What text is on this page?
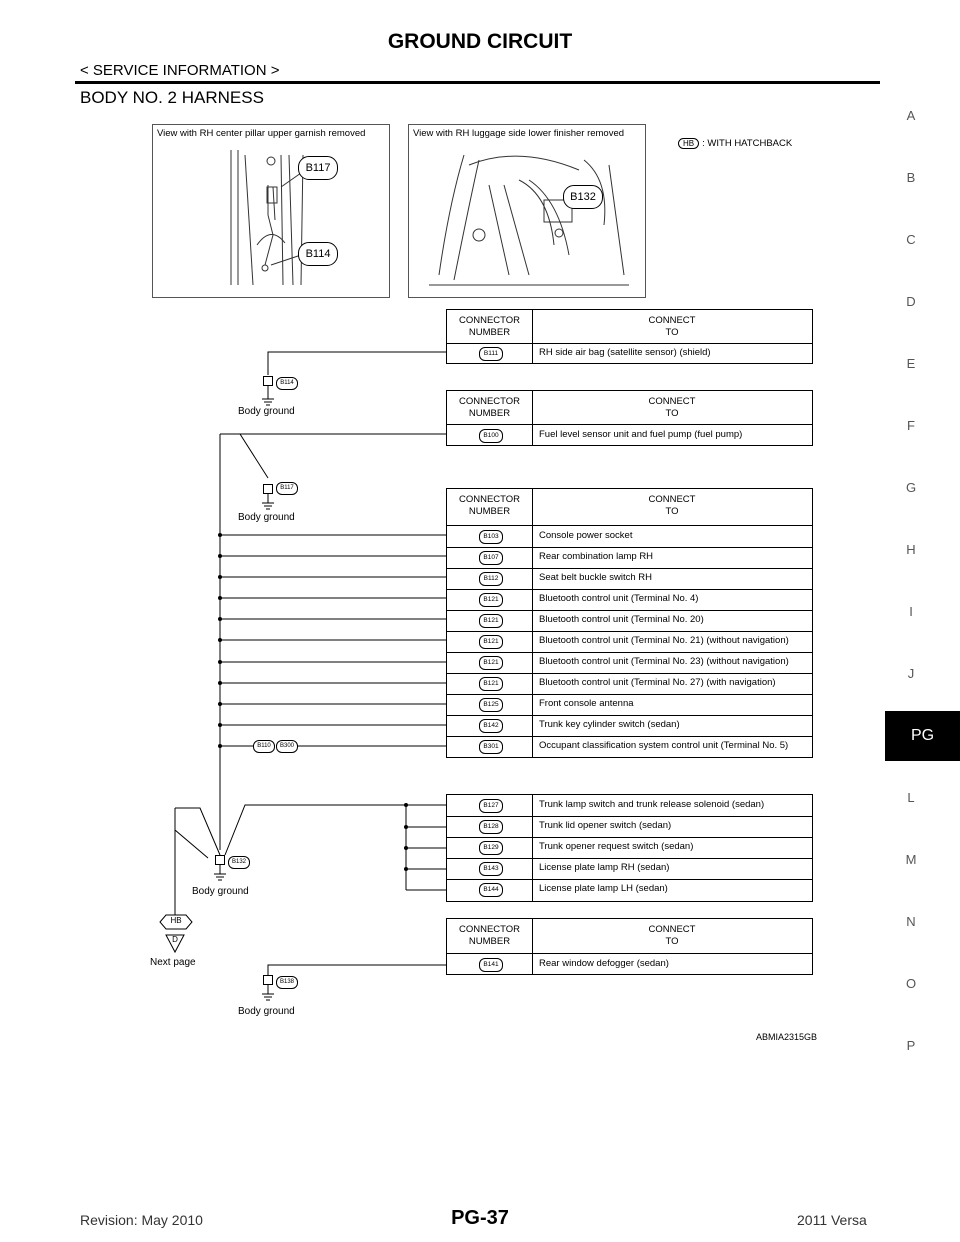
GROUND CIRCUIT
< SERVICE INFORMATION >
BODY NO. 2 HARNESS
A
B
C
D
E
F
G
H
I
J
L
M
N
O
P
PG
View with RH center pillar upper garnish removed
B117
B114
View with RH luggage side lower finisher removed
B132
HB : WITH HATCHBACK
B114
Body ground
B117
Body ground
B132
Body ground
B138
Body ground
B110	B300
HB
D
Next page
CONNECTOR
NUMBER
CONNECT
TO
B111	RH side air bag (satellite sensor) (shield)
CONNECTOR
NUMBER
CONNECT
TO
B100	Fuel level sensor unit and fuel pump (fuel pump)
CONNECTOR
NUMBER
CONNECT
TO
B103	Console power socket
B107	Rear combination lamp RH
B112	Seat belt buckle switch RH
B121	Bluetooth control unit (Terminal No. 4)
B121	Bluetooth control unit (Terminal No. 20)
B121	Bluetooth control unit (Terminal No. 21) (without navigation)
B121	Bluetooth control unit (Terminal No. 23) (without navigation)
B121	Bluetooth control unit (Terminal No. 27) (with navigation)
B125	Front console antenna
B142	Trunk key cylinder switch (sedan)
B301	Occupant classification system control unit (Terminal No. 5)
B127	Trunk lamp switch and trunk release solenoid (sedan)
B128	Trunk lid opener switch (sedan)
B129	Trunk opener request switch (sedan)
B143	License plate lamp RH (sedan)
B144	License plate lamp LH (sedan)
CONNECTOR
NUMBER
CONNECT
TO
B141	Rear window defogger (sedan)
ABMIA2315GB
Revision: May 2010	PG-37	2011 Versa
